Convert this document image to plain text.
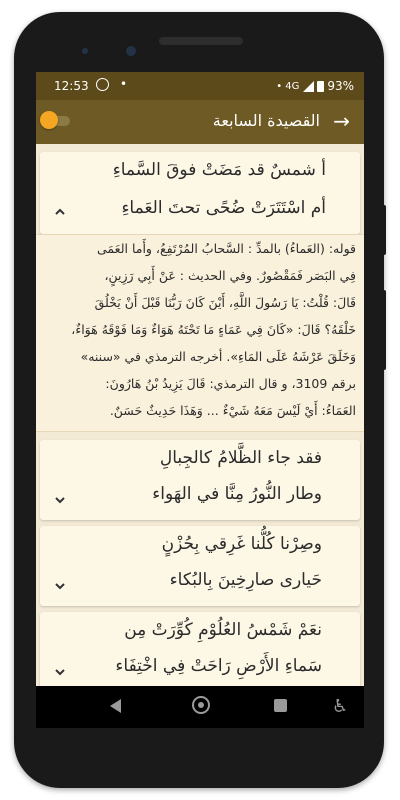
12:53	•	• 4G 93%
القصيدة السابعة →
أ شمسٌ قد مَضَتْ فوقَ السَّماءِ
أم اسْتَتَرَتْ ضُحًى تحتَ العَماءِ

قوله: (العَماءُ) بالمدِّ : السَّحابُ المُرْتَفِعُ، وأَما العَمَى

فِي البَصَر فَمَقْصُورٌ. وفي الحديث : عَنْ أَبِي رَزِينٍ،

قَالَ: قُلْتُ: يَا رَسُولَ اللَّهِ، أَيْنَ كَانَ رَبُّنَا قَبْلَ أَنْ يَخْلُقَ

خَلْقَهُ؟ قَالَ: «كَانَ فِي عَمَاءٍ مَا تَحْتَهُ هَوَاءٌ وَمَا فَوْقَهُ هَوَاءٌ،

وَخَلَقَ عَرْشَهُ عَلَى المَاءِ». أخرجه الترمذي في «سننه»

برقم 3109، و قال الترمذي: قَالَ يَزِيدُ بْنُ هَارُونَ:

العَمَاءُ: أَيْ لَيْسَ مَعَهُ شَيْءٌ ... وَهَذَا حَدِيثٌ حَسَنٌ.

فقد جاء الظَّلامُ كالجِبالِ
وطار النُّورُ مِنَّا في الهَواء
وصِرْنا كُلُّنا غَرِقي بِحُزْنٍ
حَيارى صارِخِينَ بِالبُكاء
نعَمْ شَمْسُ العُلُوْمِ كُوِّرَتْ مِن
سَماءِ الأَرْضِ رَاحَتْ فِي اخْتِفَاء
♿
